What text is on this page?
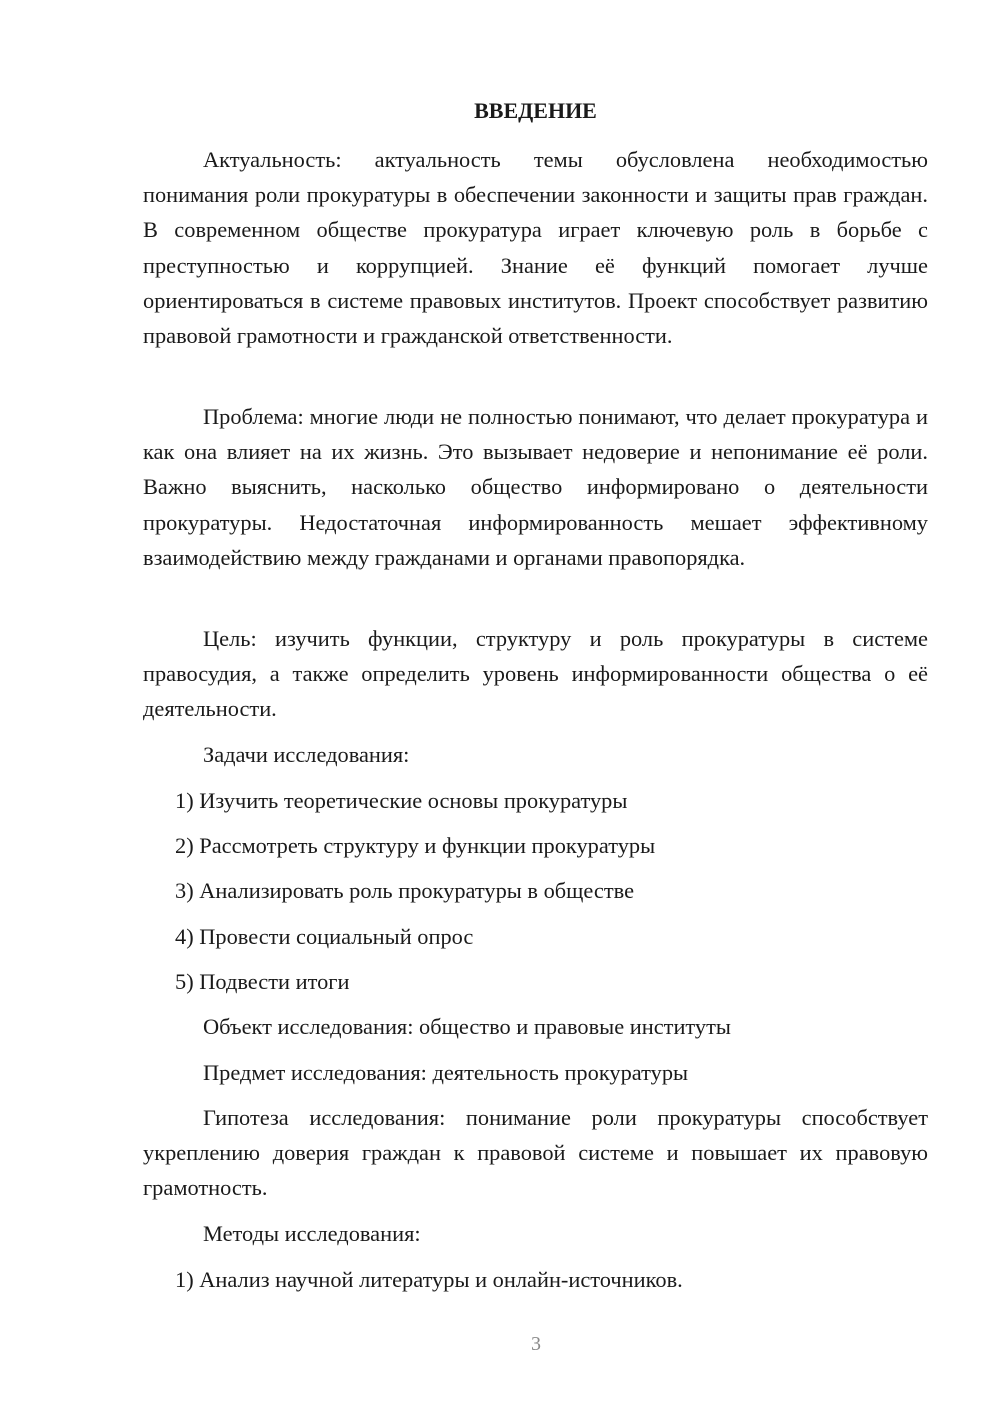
ВВЕДЕНИЕ

Актуальность: актуальность темы обусловлена необходимостью понимания роли прокуратуры в обеспечении законности и защиты прав граждан. В современном обществе прокуратура играет ключевую роль в борьбе с преступностью и коррупцией. Знание её функций помогает лучше ориентироваться в системе правовых институтов. Проект способствует развитию правовой грамотности и гражданской ответственности.

Проблема: многие люди не полностью понимают, что делает прокуратура и как она влияет на их жизнь. Это вызывает недоверие и непонимание её роли. Важно выяснить, насколько общество информировано о деятельности прокуратуры. Недостаточная информированность мешает эффективному взаимодействию между гражданами и органами правопорядка.

Цель: изучить функции, структуру и роль прокуратуры в системе правосудия, а также определить уровень информированности общества о её деятельности.

Задачи исследования:

1) Изучить теоретические основы прокуратуры

2) Рассмотреть структуру и функции прокуратуры

3) Анализировать роль прокуратуры в обществе

4) Провести социальный опрос

5) Подвести итоги

Объект исследования: общество и правовые институты

Предмет исследования: деятельность прокуратуры

Гипотеза исследования: понимание роли прокуратуры способствует укреплению доверия граждан к правовой системе и повышает их правовую грамотность.

Методы исследования:

1) Анализ научной литературы и онлайн-источников.

3
